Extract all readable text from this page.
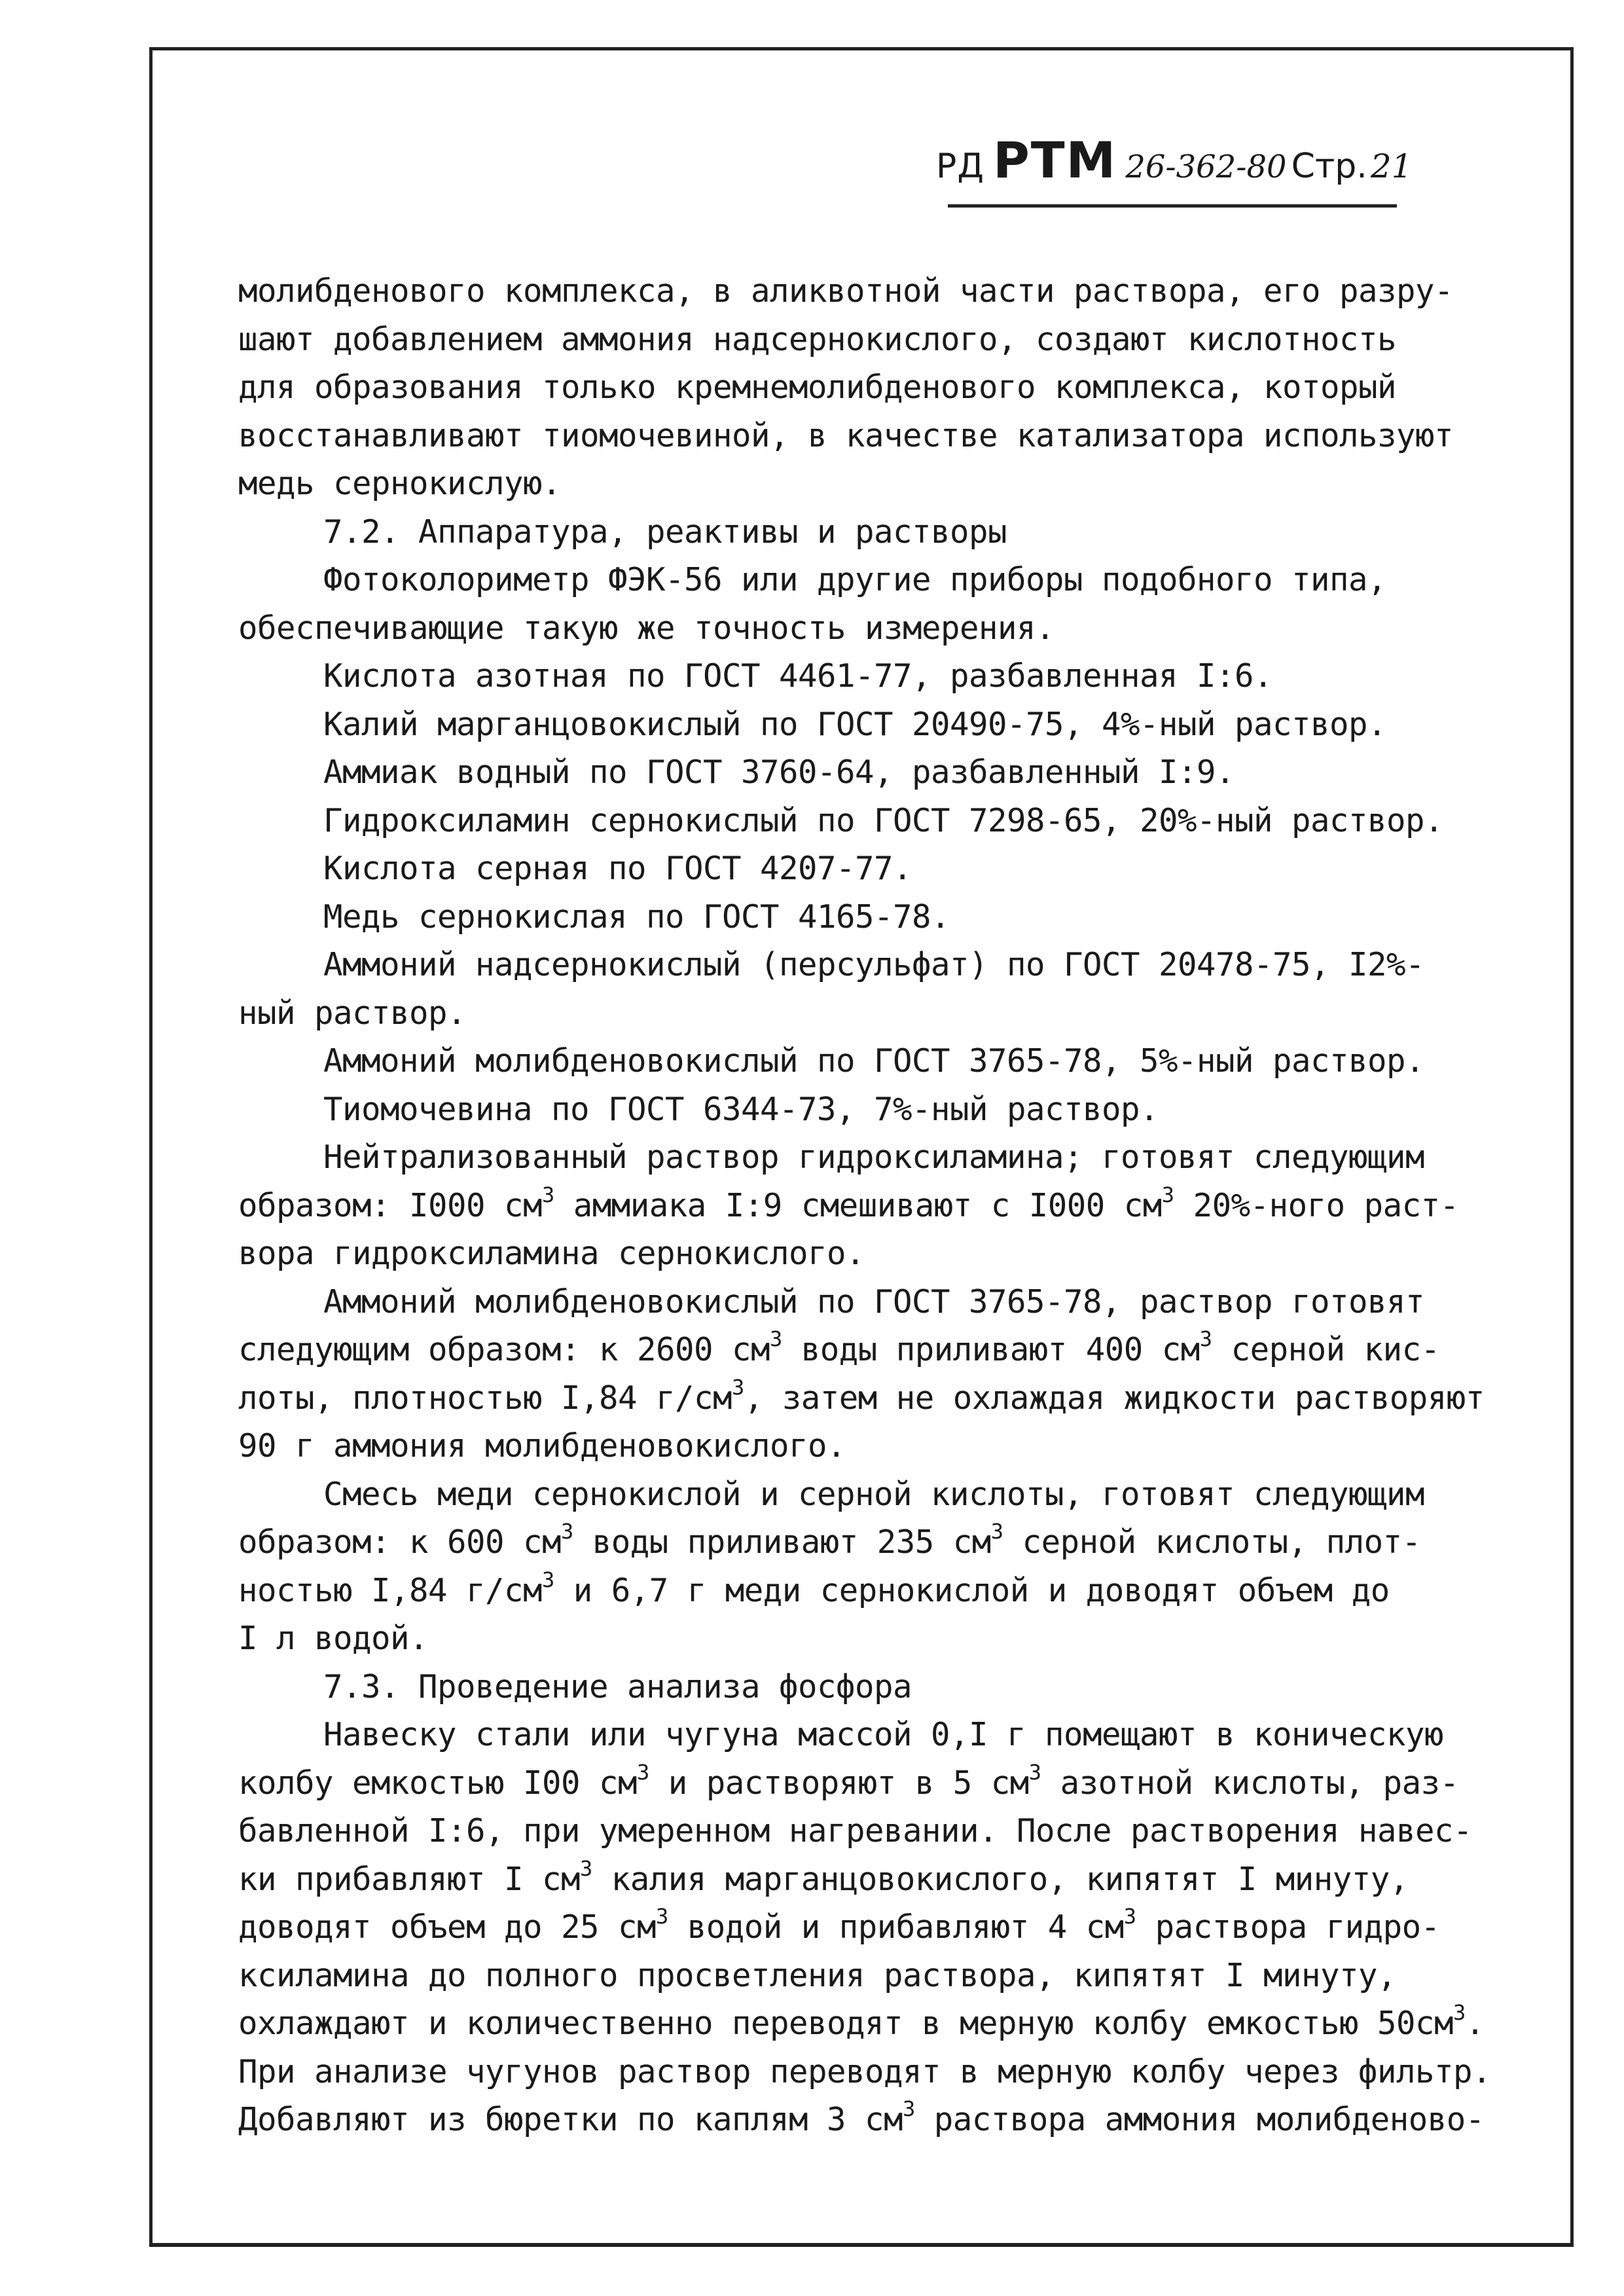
РД РТМ 26-362-80 Стр. 21
молибденового комплекса, в аликвотной части раствора, его разру-
шают добавлением аммония надсернокислого, создают кислотность
для образования только кремнемолибденового комплекса, который
восстанавливают тиомочевиной, в качестве катализатора используют
медь сернокислую.
7.2. Аппаратура, реактивы и растворы
Фотоколориметр ФЭК-56 или другие приборы подобного типа,
обеспечивающие такую же точность измерения.
Кислота азотная по ГОСТ 4461-77, разбавленная I:6.
Калий марганцовокислый по ГОСТ 20490-75, 4%-ный раствор.
Аммиак водный по ГОСТ 3760-64, разбавленный I:9.
Гидроксиламин сернокислый по ГОСТ 7298-65, 20%-ный раствор.
Кислота серная по ГОСТ 4207-77.
Медь сернокислая по ГОСТ 4165-78.
Аммоний надсернокислый (персульфат) по ГОСТ 20478-75, I2%-
ный раствор.
Аммоний молибденовокислый по ГОСТ 3765-78, 5%-ный раствор.
Тиомочевина по ГОСТ 6344-73, 7%-ный раствор.
Нейтрализованный раствор гидроксиламина; готовят следующим
образом: I000 $см^3$ аммиака I:9 смешивают с I000 $см^3$ 20%-ного раст-
вора гидроксиламина сернокислого.
Аммоний молибденовокислый по ГОСТ 3765-78, раствор готовят
следующим образом: к 2600 $см^3$ воды приливают 400 $см^3$ серной кис-
лоты, плотностью I,84 $г/см^3$, затем не охлаждая жидкости растворяют
90 г аммония молибденовокислого.
Смесь меди сернокислой и серной кислоты, готовят следующим
образом: к 600 $см^3$ воды приливают 235 $см^3$ серной кислоты, плот-
ностью I,84 $г/см^3$ и 6,7 г меди сернокислой и доводят объем до
I л водой.
7.3. Проведение анализа фосфора
Навеску стали или чугуна массой 0,I г помещают в коническую
колбу емкостью I00 $см^3$ и растворяют в 5 $см^3$ азотной кислоты, раз-
бавленной I:6, при умеренном нагревании. После растворения навес-
ки прибавляют I $см^3$ калия марганцовокислого, кипятят I минуту,
доводят объем до 25 $см^3$ водой и прибавляют 4 $см^3$ раствора гидро-
ксиламина до полного просветления раствора, кипятят I минуту,
охлаждают и количественно переводят в мерную колбу емкостью $50см^3$.
При анализе чугунов раствор переводят в мерную колбу через фильтр.
Добавляют из бюретки по каплям 3 $см^3$ раствора аммония молибденово-
